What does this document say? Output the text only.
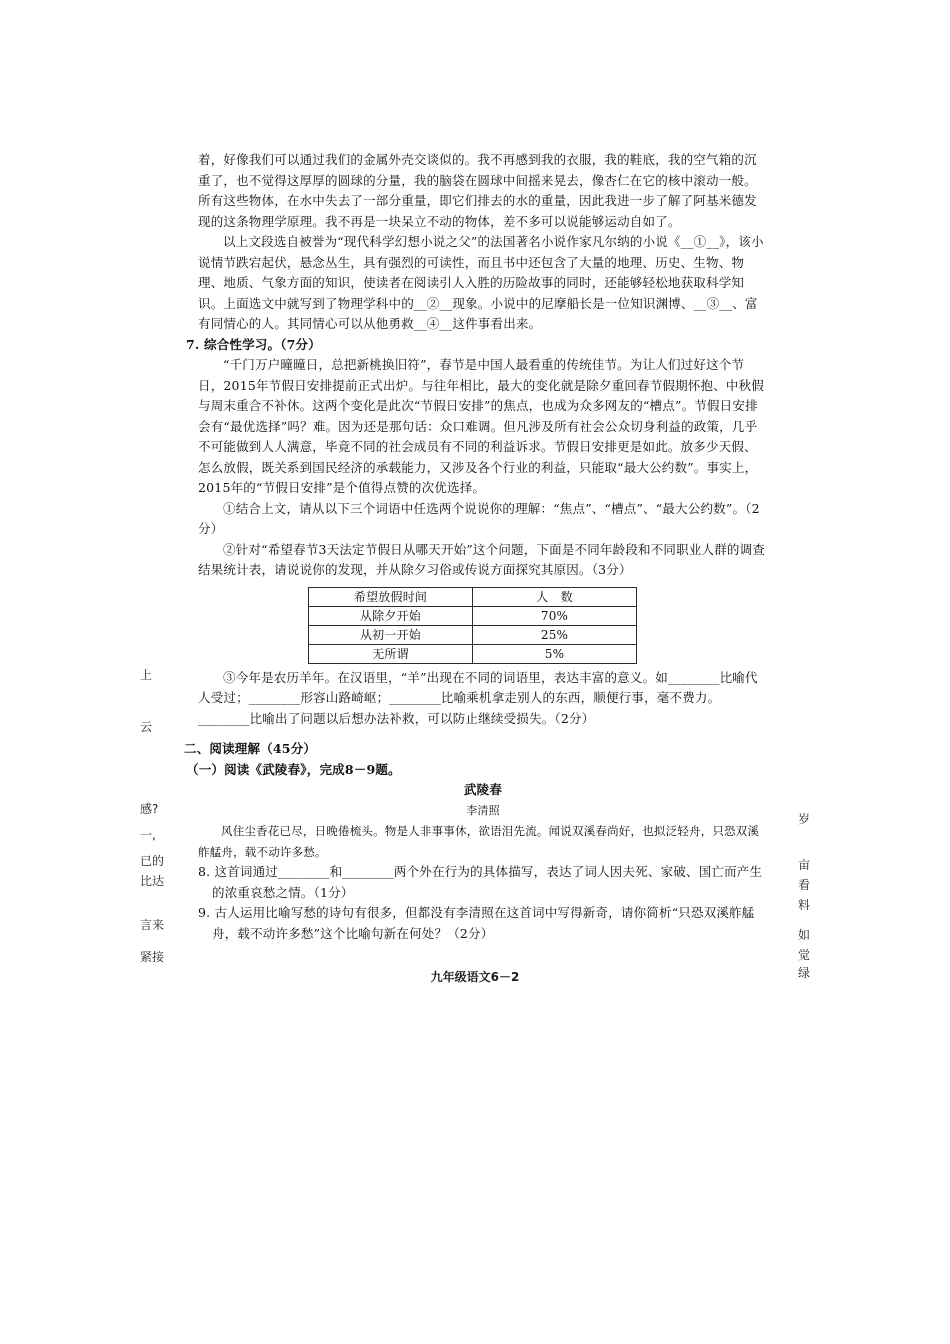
着，好像我们可以通过我们的金属外壳交谈似的。我不再感到我的衣服，我的鞋底，我的空气箱的沉重了，也不觉得这厚厚的圆球的分量，我的脑袋在圆球中间摇来晃去，像杏仁在它的核中滚动一般。所有这些物体，在水中失去了一部分重量，即它们排去的水的重量，因此我进一步了解了阿基米德发现的这条物理学原理。我不再是一块呆立不动的物体，差不多可以说能够运动自如了。

以上文段选自被誉为“现代科学幻想小说之父”的法国著名小说作家凡尔纳的小说《__①__》，该小说情节跌宕起伏，悬念丛生，具有强烈的可读性，而且书中还包含了大量的地理、历史、生物、物理、地质、气象方面的知识，使读者在阅读引人入胜的历险故事的同时，还能够轻松地获取科学知识。上面选文中就写到了物理学科中的__②__现象。小说中的尼摩船长是一位知识渊博、__③__、富有同情心的人。其同情心可以从他勇救__④__这件事看出来。

7. 综合性学习。（7分）

“千门万户曈曈日，总把新桃换旧符”，春节是中国人最看重的传统佳节。为让人们过好这个节日，2015年节假日安排提前正式出炉。与往年相比，最大的变化就是除夕重回春节假期怀抱、中秋假与周末重合不补休。这两个变化是此次“节假日安排”的焦点，也成为众多网友的“槽点”。节假日安排会有“最优选择”吗？难。因为还是那句话：众口难调。但凡涉及所有社会公众切身利益的政策，几乎不可能做到人人满意，毕竟不同的社会成员有不同的利益诉求。节假日安排更是如此。放多少天假、怎么放假，既关系到国民经济的承载能力，又涉及各个行业的利益，只能取“最大公约数”。事实上，2015年的“节假日安排”是个值得点赞的次优选择。

①结合上文，请从以下三个词语中任选两个说说你的理解：“焦点”、“槽点”、“最大公约数”。（2分）

②针对“希望春节3天法定节假日从哪天开始”这个问题，下面是不同年龄段和不同职业人群的调查结果统计表，请说说你的发现，并从除夕习俗或传说方面探究其原因。（3分）

希望放假时间	人　数
从除夕开始	70%
从初一开始	25%
无所谓	5%

③今年是农历羊年。在汉语里，“羊”出现在不同的词语里，表达丰富的意义。如________比喻代人受过；________形容山路崎岖；________比喻乘机拿走别人的东西，顺便行事，毫不费力。________比喻出了问题以后想办法补救，可以防止继续受损失。（2分）

二、阅读理解（45分）

（一）阅读《武陵春》，完成8－9题。

武陵春

李清照

风住尘香花已尽，日晚倦梳头。物是人非事事休，欲语泪先流。闻说双溪春尚好，也拟泛轻舟，只恐双溪舴艋舟，载不动许多愁。

8. 这首词通过________和________两个外在行为的具体描写，表达了词人因夫死、家破、国亡而产生的浓重哀愁之情。（1分）

9. 古人运用比喻写愁的诗句有很多，但都没有李清照在这首词中写得新奇，请你简析“只恐双溪舴艋舟，载不动许多愁”这个比喻句新在何处？（2分）

九年级语文6－2
上
云
感?
一,
已的
比达
言来
紧接
岁
亩
看
料
如
觉
绿
